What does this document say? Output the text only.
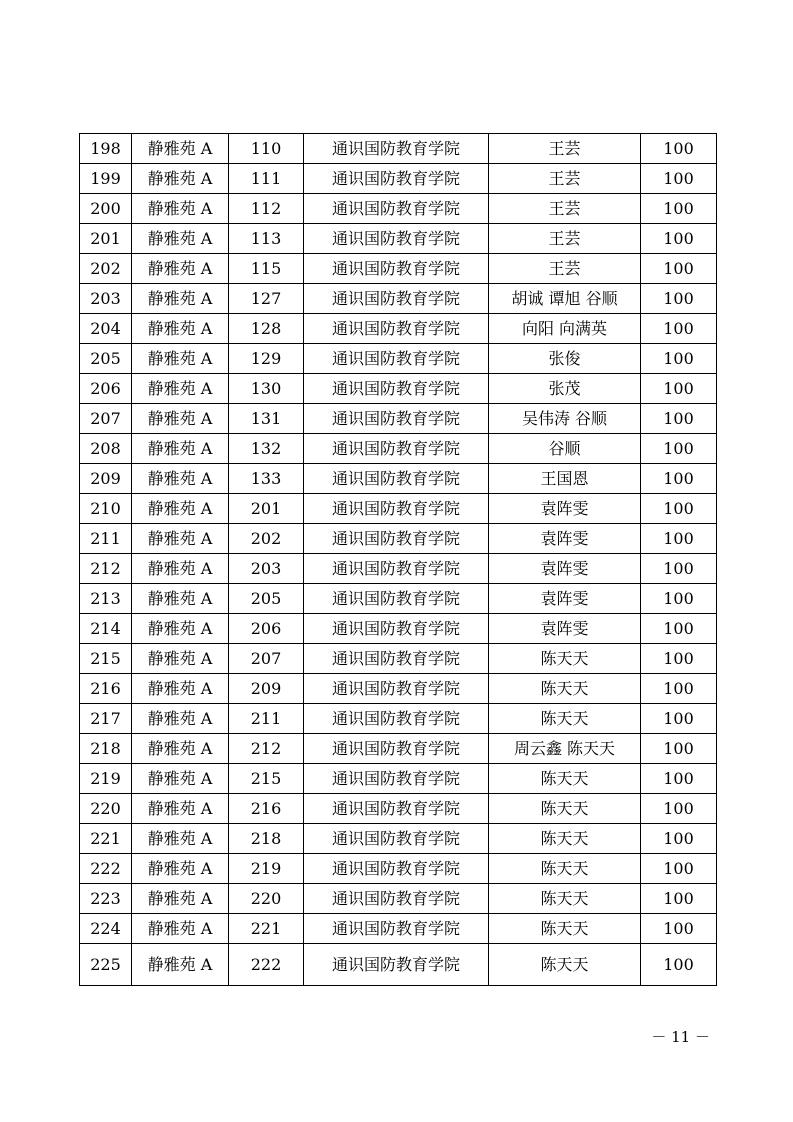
198	静雅苑 A	110	通识国防教育学院	王芸	100
199	静雅苑 A	111	通识国防教育学院	王芸	100
200	静雅苑 A	112	通识国防教育学院	王芸	100
201	静雅苑 A	113	通识国防教育学院	王芸	100
202	静雅苑 A	115	通识国防教育学院	王芸	100
203	静雅苑 A	127	通识国防教育学院	胡诚 谭旭 谷顺	100
204	静雅苑 A	128	通识国防教育学院	向阳 向满英	100
205	静雅苑 A	129	通识国防教育学院	张俊	100
206	静雅苑 A	130	通识国防教育学院	张茂	100
207	静雅苑 A	131	通识国防教育学院	吴伟涛 谷顺	100
208	静雅苑 A	132	通识国防教育学院	谷顺	100
209	静雅苑 A	133	通识国防教育学院	王国恩	100
210	静雅苑 A	201	通识国防教育学院	袁阵雯	100
211	静雅苑 A	202	通识国防教育学院	袁阵雯	100
212	静雅苑 A	203	通识国防教育学院	袁阵雯	100
213	静雅苑 A	205	通识国防教育学院	袁阵雯	100
214	静雅苑 A	206	通识国防教育学院	袁阵雯	100
215	静雅苑 A	207	通识国防教育学院	陈天天	100
216	静雅苑 A	209	通识国防教育学院	陈天天	100
217	静雅苑 A	211	通识国防教育学院	陈天天	100
218	静雅苑 A	212	通识国防教育学院	周云鑫 陈天天	100
219	静雅苑 A	215	通识国防教育学院	陈天天	100
220	静雅苑 A	216	通识国防教育学院	陈天天	100
221	静雅苑 A	218	通识国防教育学院	陈天天	100
222	静雅苑 A	219	通识国防教育学院	陈天天	100
223	静雅苑 A	220	通识国防教育学院	陈天天	100
224	静雅苑 A	221	通识国防教育学院	陈天天	100
225	静雅苑 A	222	通识国防教育学院	陈天天	100
－ 11 －
